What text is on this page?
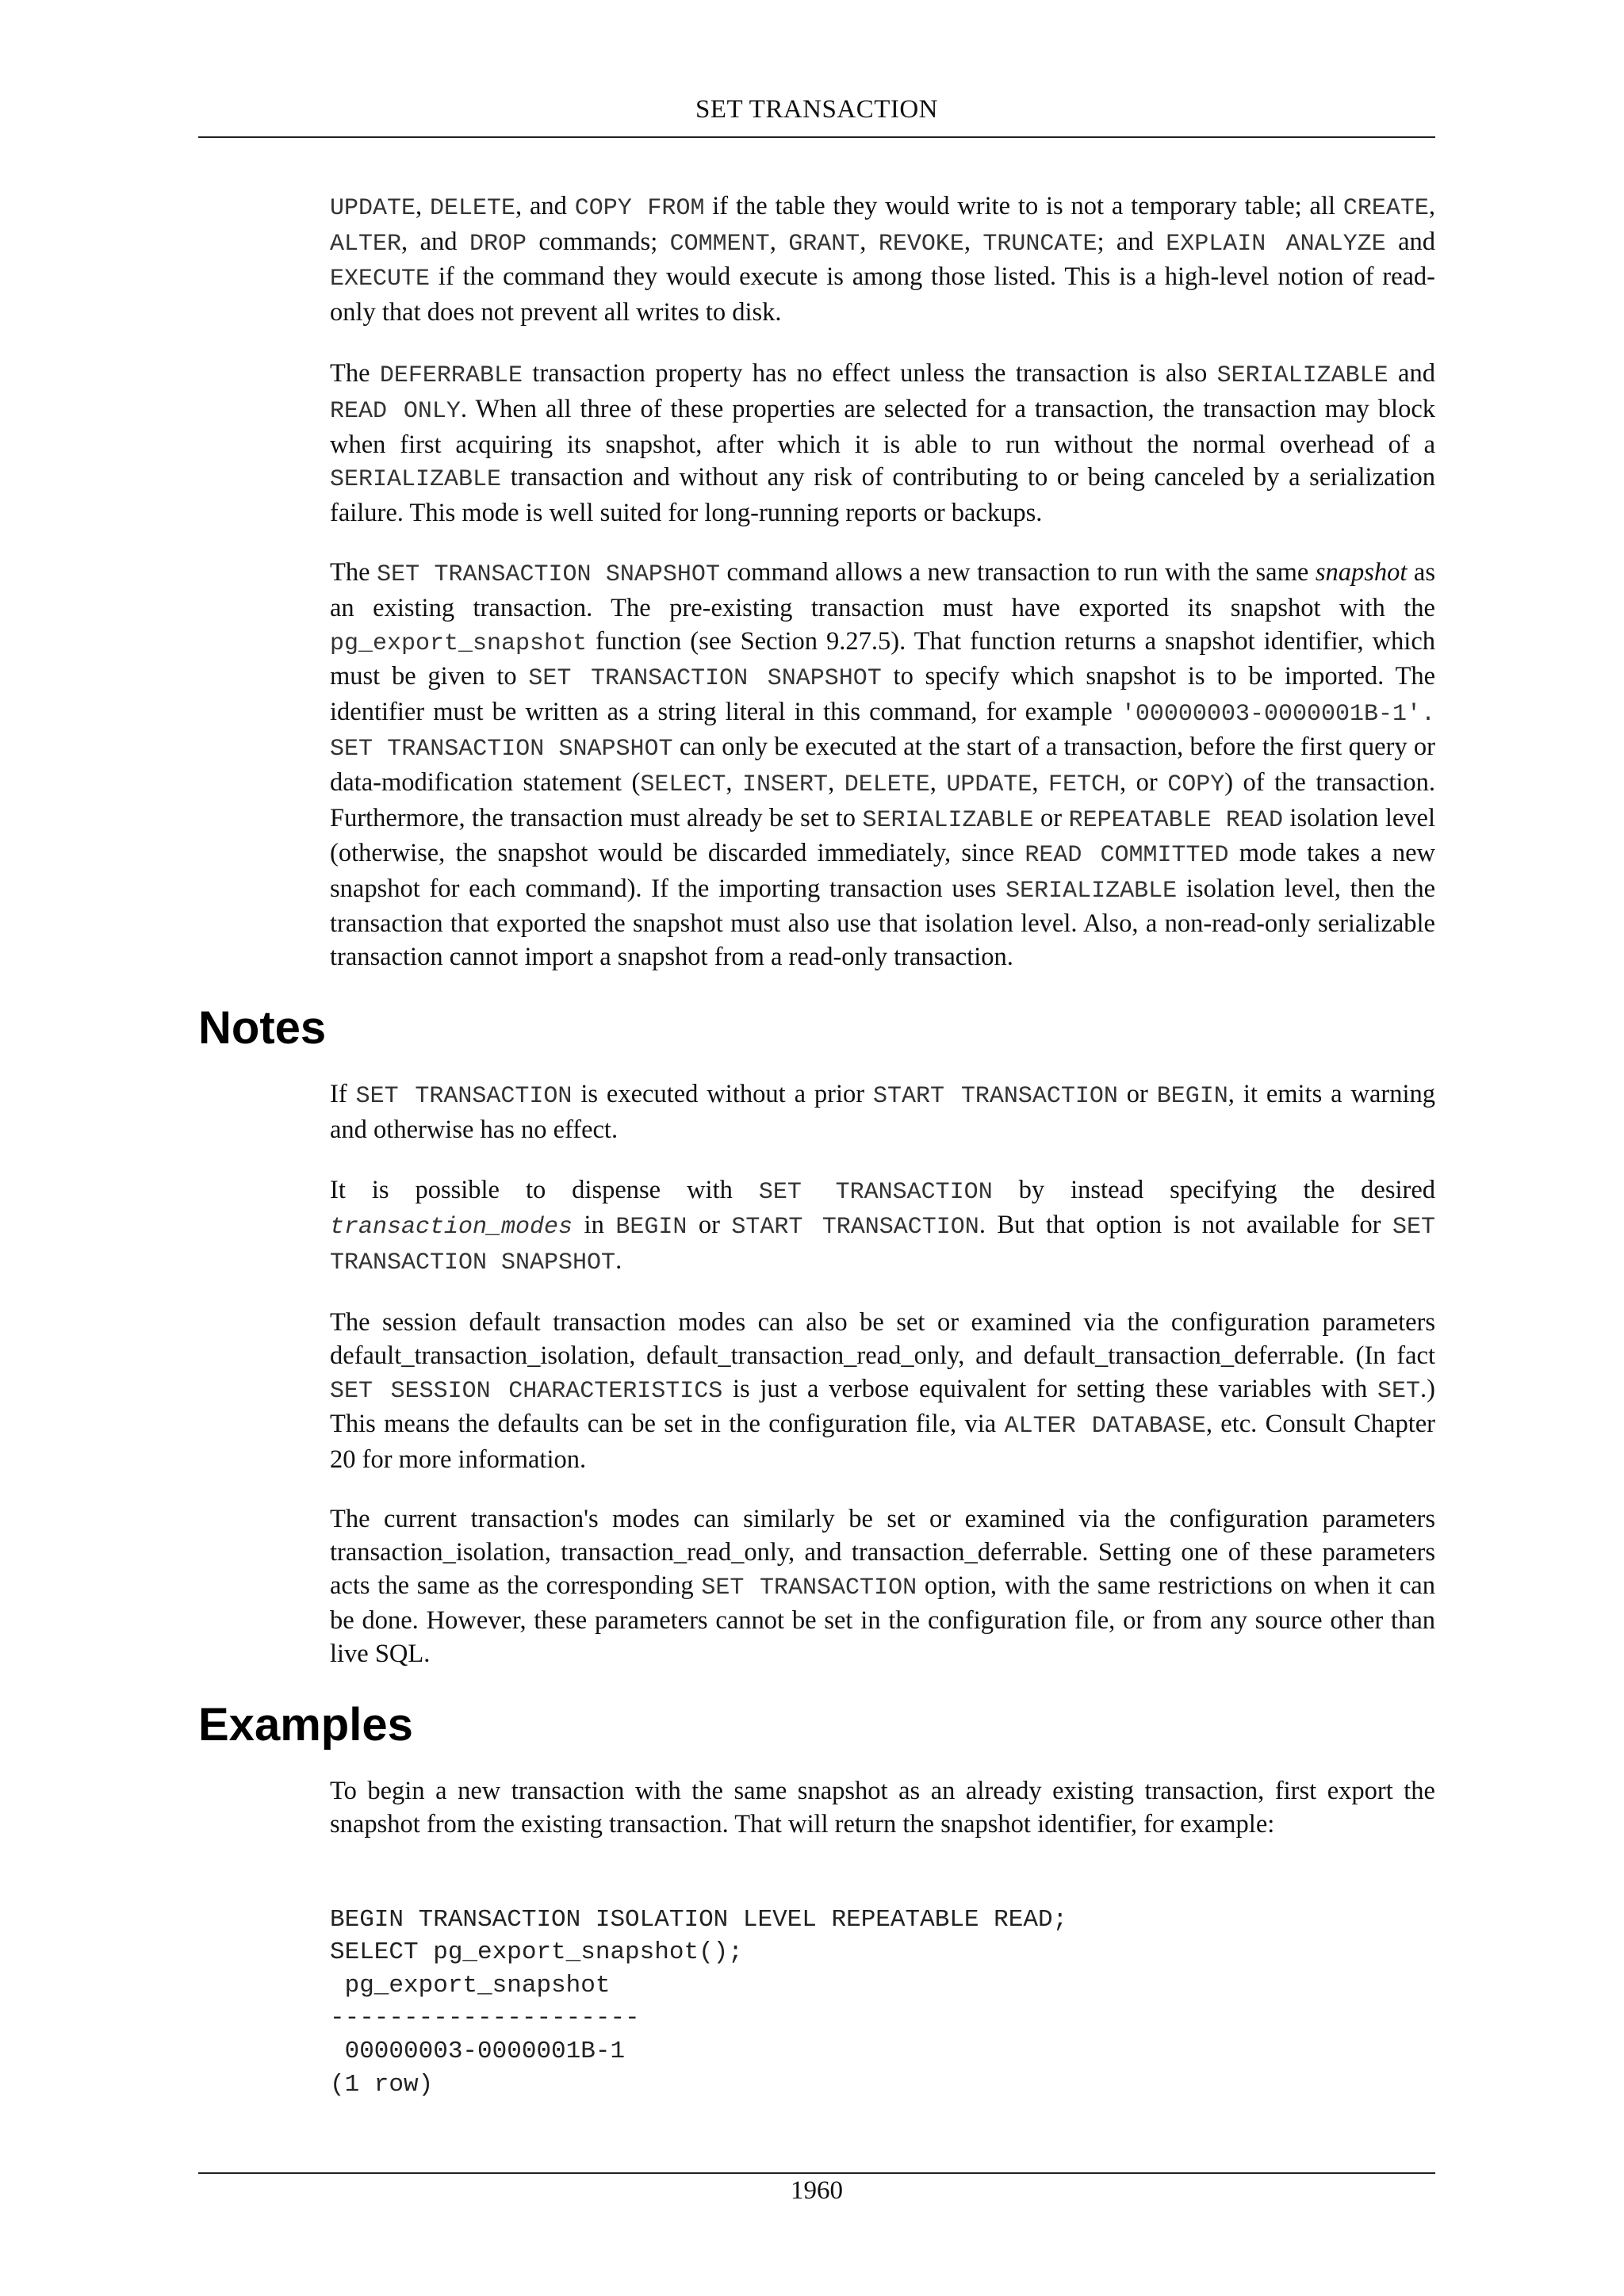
SET TRANSACTION

UPDATE, DELETE, and COPY FROM if the table they would write to is not a temporary table; all CREATE, ALTER, and DROP commands; COMMENT, GRANT, REVOKE, TRUNCATE; and EXPLAIN ANALYZE and EXECUTE if the command they would execute is among those listed. This is a high-level notion of read-only that does not prevent all writes to disk.

The DEFERRABLE transaction property has no effect unless the transaction is also SERIALIZABLE and READ ONLY. When all three of these properties are selected for a transaction, the transaction may block when first acquiring its snapshot, after which it is able to run without the normal overhead of a SERIALIZABLE transaction and without any risk of contributing to or being canceled by a serialization failure. This mode is well suited for long-running reports or backups.

The SET TRANSACTION SNAPSHOT command allows a new transaction to run with the same snapshot as an existing transaction. The pre-existing transaction must have exported its snapshot with the pg_export_snapshot function (see Section 9.27.5). That function returns a snapshot identifier, which must be given to SET TRANSACTION SNAPSHOT to specify which snapshot is to be imported. The identifier must be written as a string literal in this command, for example '00000003-0000001B-1'. SET TRANSACTION SNAPSHOT can only be executed at the start of a transaction, before the first query or data-modification statement (SELECT, INSERT, DELETE, UPDATE, FETCH, or COPY) of the transaction. Furthermore, the transaction must already be set to SERIALIZABLE or REPEATABLE READ isolation level (otherwise, the snapshot would be discarded immediately, since READ COMMITTED mode takes a new snapshot for each command). If the importing transaction uses SERIALIZABLE isolation level, then the transaction that exported the snapshot must also use that isolation level. Also, a non-read-only serializable transaction cannot import a snapshot from a read-only transaction.

Notes

If SET TRANSACTION is executed without a prior START TRANSACTION or BEGIN, it emits a warning and otherwise has no effect.

It is possible to dispense with SET TRANSACTION by instead specifying the desired transaction_modes in BEGIN or START TRANSACTION. But that option is not available for SET TRANSACTION SNAPSHOT.

The session default transaction modes can also be set or examined via the configuration parameters default_transaction_isolation, default_transaction_read_only, and default_transaction_deferrable. (In fact SET SESSION CHARACTERISTICS is just a verbose equivalent for setting these variables with SET.) This means the defaults can be set in the configuration file, via ALTER DATABASE, etc. Consult Chapter 20 for more information.

The current transaction's modes can similarly be set or examined via the configuration parameters transaction_isolation, transaction_read_only, and transaction_deferrable. Setting one of these parameters acts the same as the corresponding SET TRANSACTION option, with the same restrictions on when it can be done. However, these parameters cannot be set in the configuration file, or from any source other than live SQL.

Examples

To begin a new transaction with the same snapshot as an already existing transaction, first export the snapshot from the existing transaction. That will return the snapshot identifier, for example:

BEGIN TRANSACTION ISOLATION LEVEL REPEATABLE READ;
SELECT pg_export_snapshot();
pg_export_snapshot
---------------------
00000003-0000001B-1
(1 row)
1960
